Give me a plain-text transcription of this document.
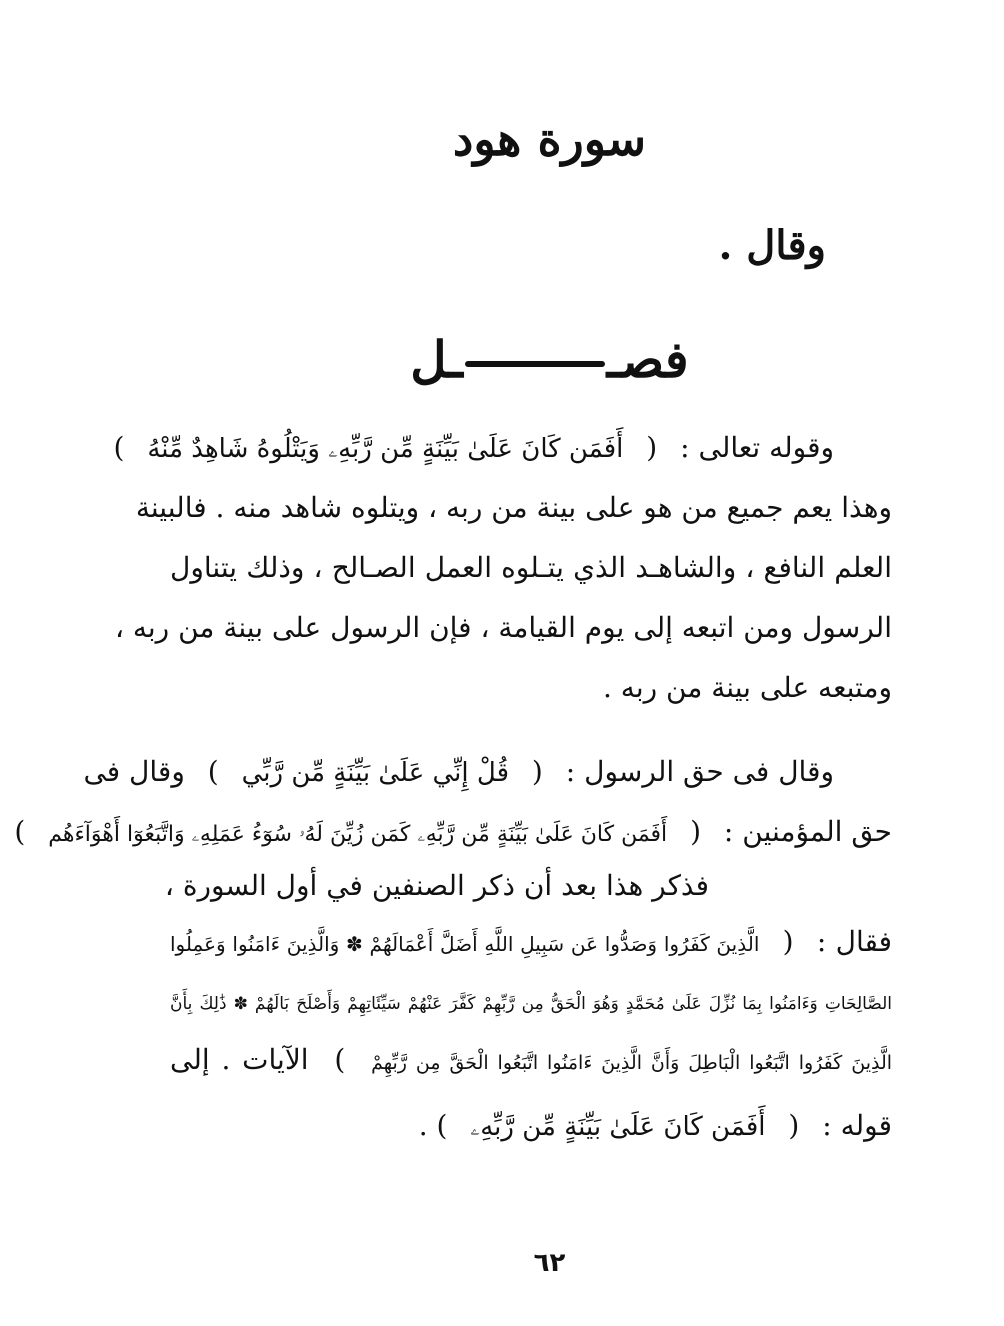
سورة هود
وقال .
فصــل
وقوله تعالى : ( أَفَمَن كَانَ عَلَىٰ بَيِّنَةٍ مِّن رَّبِّهِۦ وَيَتْلُوهُ شَاهِدٌ مِّنْهُ )
وهذا يعم جميع من هو على بينة من ربه ، ويتلوه شاهد منه . فالبينة
العلم النافع ، والشاهـد الذي يتـلوه العمل الصـالح ، وذلك يتناول
الرسول ومن اتبعه إلى يوم القيامة ، فإن الرسول على بينة من ربه ،
ومتبعه على بينة من ربه .
وقال فى حق الرسول : ( قُلْ إِنِّي عَلَىٰ بَيِّنَةٍ مِّن رَّبِّي ) وقال فى
حق المؤمنين : ( أَفَمَن كَانَ عَلَىٰ بَيِّنَةٍ مِّن رَّبِّهِۦ كَمَن زُيِّنَ لَهُۥ سُوٓءُ عَمَلِهِۦ وَاتَّبَعُوٓا أَهْوَآءَهُم )
فذكر هذا بعد أن ذكر الصنفين في أول السورة ،
فقال : ( الَّذِينَ كَفَرُوا وَصَدُّوا عَن سَبِيلِ اللَّهِ أَضَلَّ أَعْمَالَهُمْ ✽ وَالَّذِينَ ءَامَنُوا وَعَمِلُوا
الصَّالِحَاتِ وَءَامَنُوا بِمَا نُزِّلَ عَلَىٰ مُحَمَّدٍ وَهُوَ الْحَقُّ مِن رَّبِّهِمْ كَفَّرَ عَنْهُمْ سَيِّئَاتِهِمْ وَأَصْلَحَ بَالَهُمْ ✽ ذَٰلِكَ بِأَنَّ
الَّذِينَ كَفَرُوا اتَّبَعُوا الْبَاطِلَ وَأَنَّ الَّذِينَ ءَامَنُوا اتَّبَعُوا الْحَقَّ مِن رَّبِّهِمْ ) الآيات . إلى
قوله : ( أَفَمَن كَانَ عَلَىٰ بَيِّنَةٍ مِّن رَّبِّهِۦ ) .
٦٢
